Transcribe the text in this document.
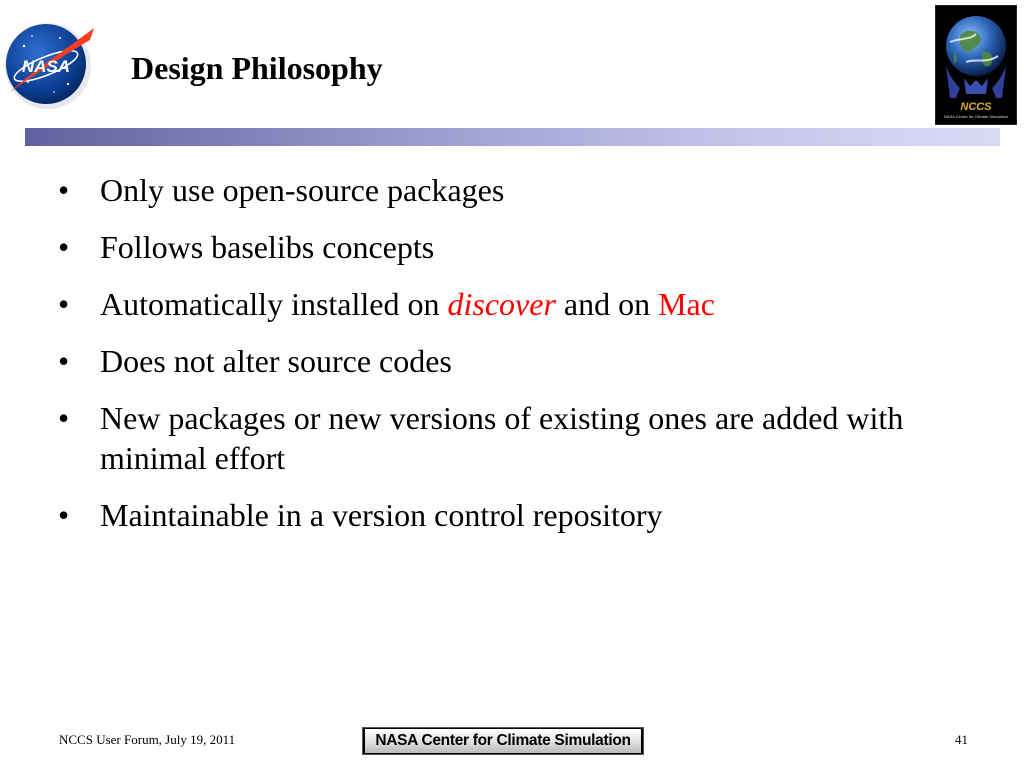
NASA Design Philosophy
NCCS
NASA Center for Climate Simulation
• Only use open-source packages
• Follows baselibs concepts
• Automatically installed on discover and on Mac
• Does not alter source codes
• New packages or new versions of existing ones are added with minimal effort
• Maintainable in a version control repository
NCCS User Forum, July 19, 2011	NASA Center for Climate Simulation	41
